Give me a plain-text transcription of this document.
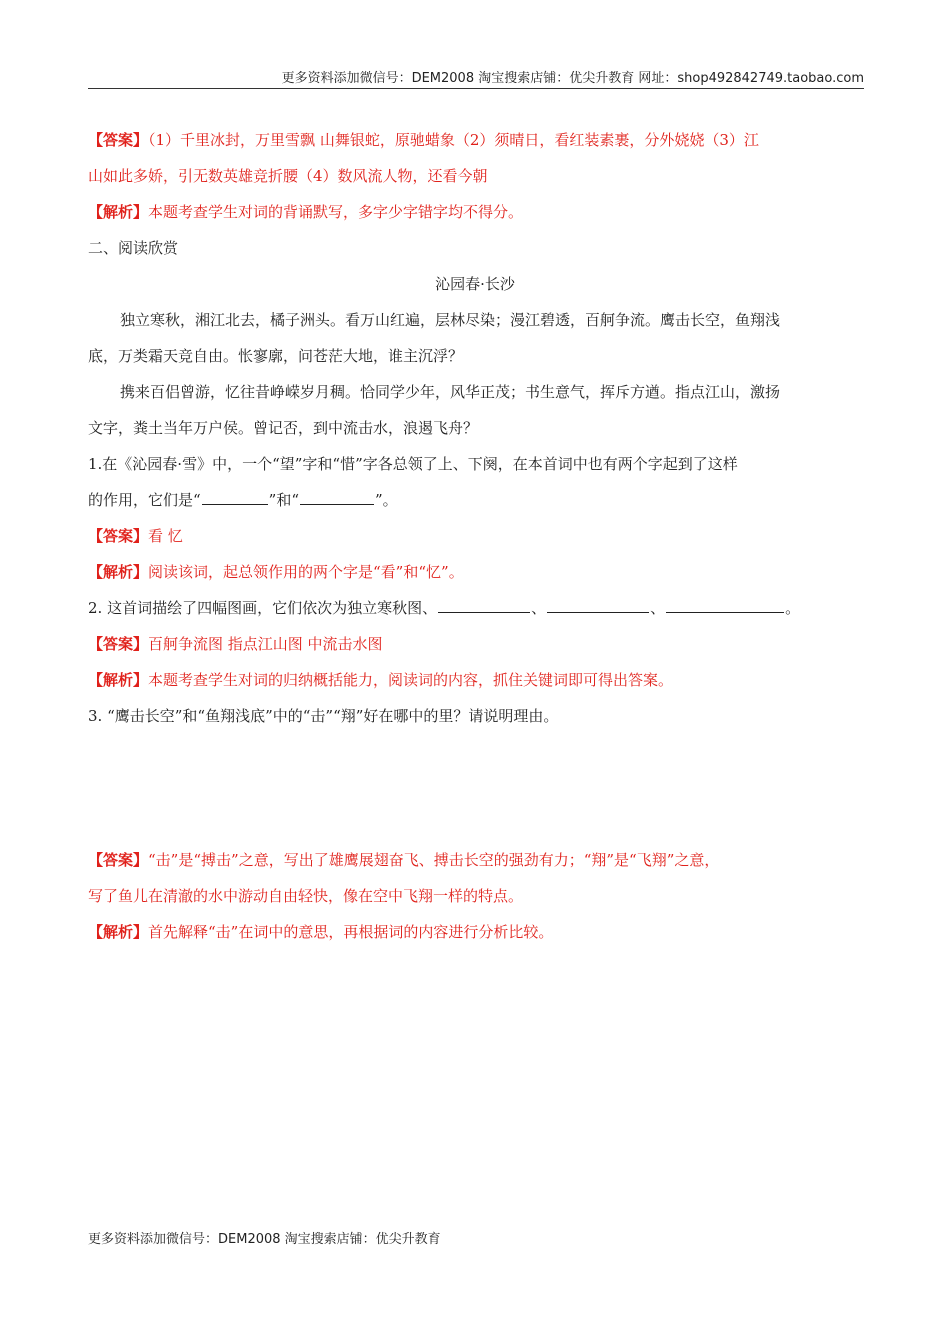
更多资料添加微信号：DEM2008 淘宝搜索店铺：优尖升教育 网址：shop492842749.taobao.com
【答案】（1）千里冰封，万里雪飘 山舞银蛇，原驰蜡象（2）须晴日，看红装素裹，分外娆娆（3）江
山如此多娇，引无数英雄竞折腰（4）数风流人物，还看今朝
【解析】本题考查学生对词的背诵默写，多字少字错字均不得分。
二、阅读欣赏
沁园春·长沙
独立寒秋，湘江北去，橘子洲头。看万山红遍，层林尽染；漫江碧透，百舸争流。鹰击长空，鱼翔浅
底，万类霜天竞自由。怅寥廓，问苍茫大地，谁主沉浮？
携来百侣曾游，忆往昔峥嵘岁月稠。恰同学少年，风华正茂；书生意气，挥斥方遒。指点江山，激扬
文字，粪土当年万户侯。曾记否，到中流击水，浪遏飞舟？
1.在《沁园春·雪》中，一个“望”字和“惜”字各总领了上、下阕，在本首词中也有两个字起到了这样
的作用，它们是“	”和“	”。
【答案】看 忆
【解析】阅读该词，起总领作用的两个字是“看”和“忆”。
2. 这首词描绘了四幅图画，它们依次为独立寒秋图、	、	、	。
【答案】百舸争流图 指点江山图 中流击水图
【解析】本题考查学生对词的归纳概括能力，阅读词的内容，抓住关键词即可得出答案。
3. “鹰击长空”和“鱼翔浅底”中的“击”“翔”好在哪中的里？请说明理由。
【答案】“击”是“搏击”之意，写出了雄鹰展翅奋飞、搏击长空的强劲有力；“翔”是“飞翔”之意，
写了鱼儿在清澈的水中游动自由轻快，像在空中飞翔一样的特点。
【解析】首先解释“击”在词中的意思，再根据词的内容进行分析比较。
更多资料添加微信号：DEM2008 淘宝搜索店铺：优尖升教育
